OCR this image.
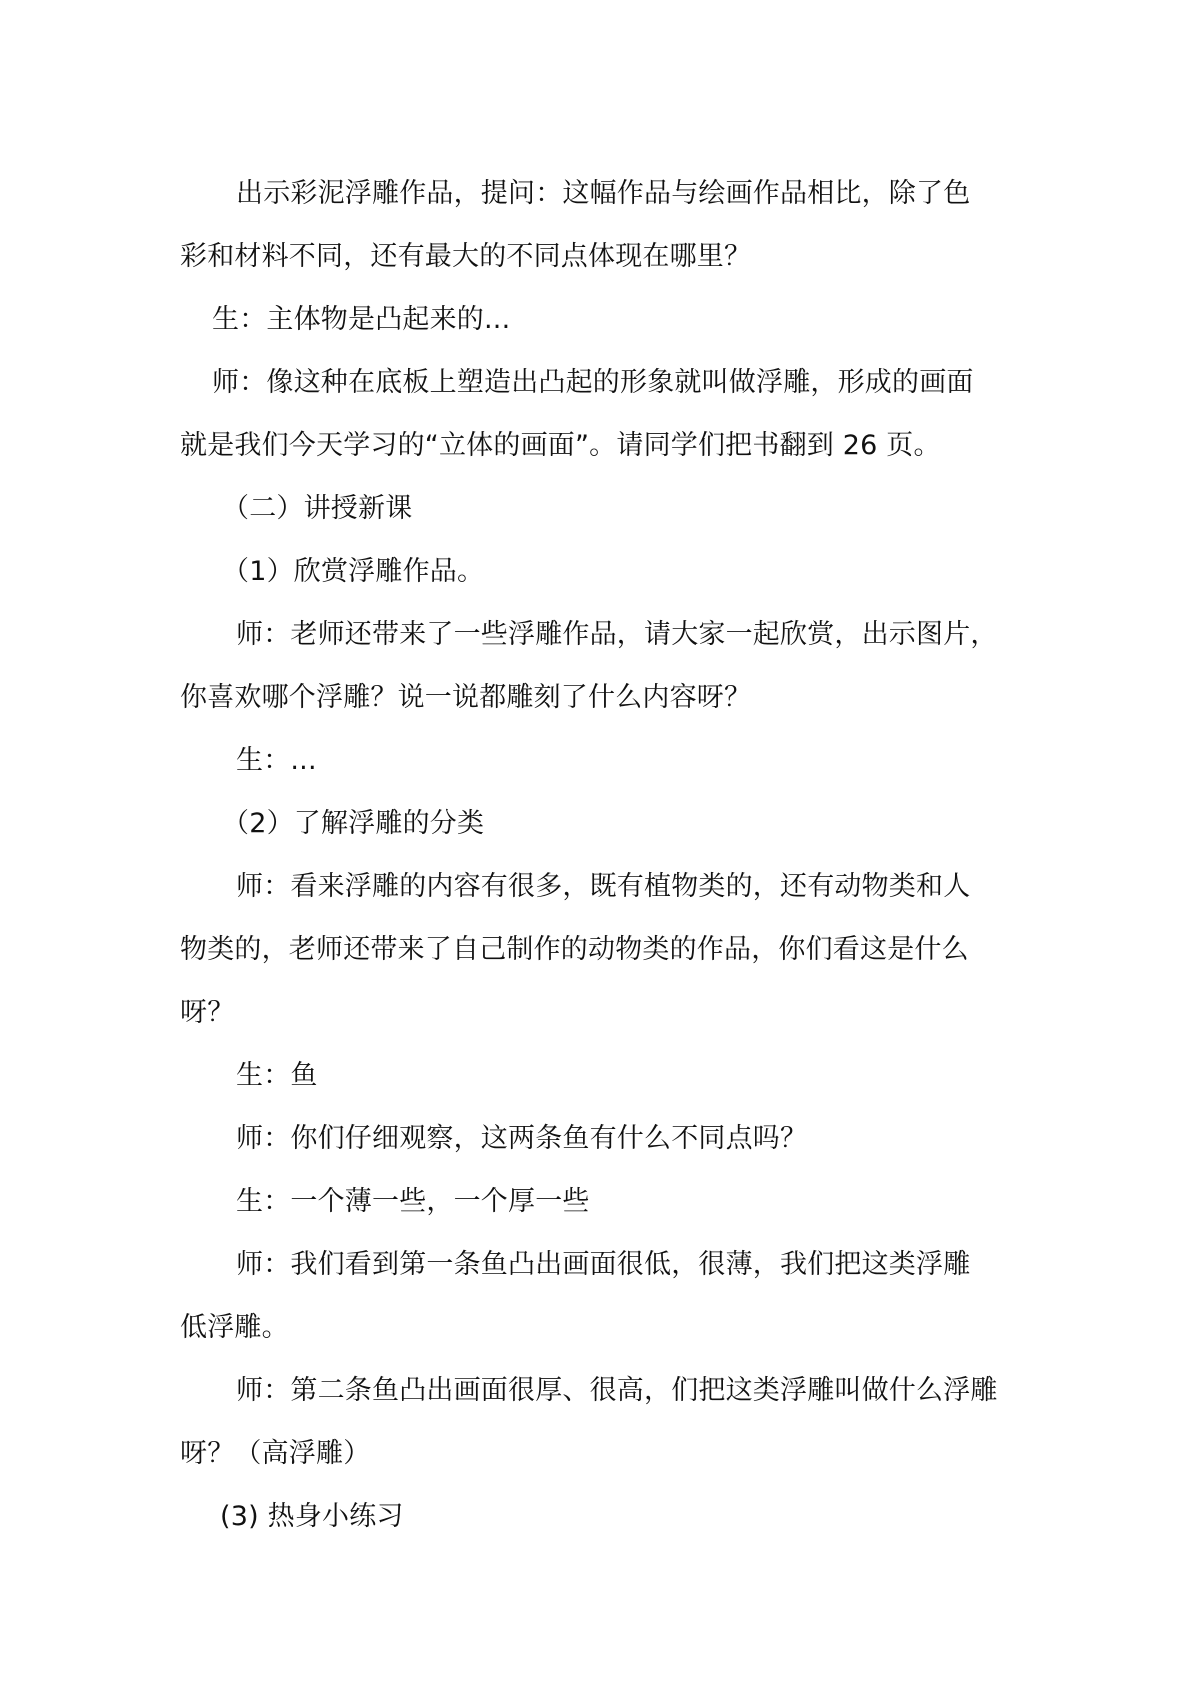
出示彩泥浮雕作品，提问：这幅作品与绘画作品相比，除了色

彩和材料不同，还有最大的不同点体现在哪里？

生：主体物是凸起来的...

师：像这种在底板上塑造出凸起的形象就叫做浮雕，形成的画面

就是我们今天学习的“立体的画面”。请同学们把书翻到 26 页。

（二）讲授新课

（1）欣赏浮雕作品。

师：老师还带来了一些浮雕作品，请大家一起欣赏，出示图片，

你喜欢哪个浮雕？说一说都雕刻了什么内容呀？

生：...

（2）了解浮雕的分类

师：看来浮雕的内容有很多，既有植物类的，还有动物类和人

物类的，老师还带来了自己制作的动物类的作品，你们看这是什么

呀？

生：鱼

师：你们仔细观察，这两条鱼有什么不同点吗？

生：一个薄一些，一个厚一些

师：我们看到第一条鱼凸出画面很低，很薄，我们把这类浮雕

低浮雕。

师：第二条鱼凸出画面很厚、很高，们把这类浮雕叫做什么浮雕

呀？（高浮雕）

(3) 热身小练习
